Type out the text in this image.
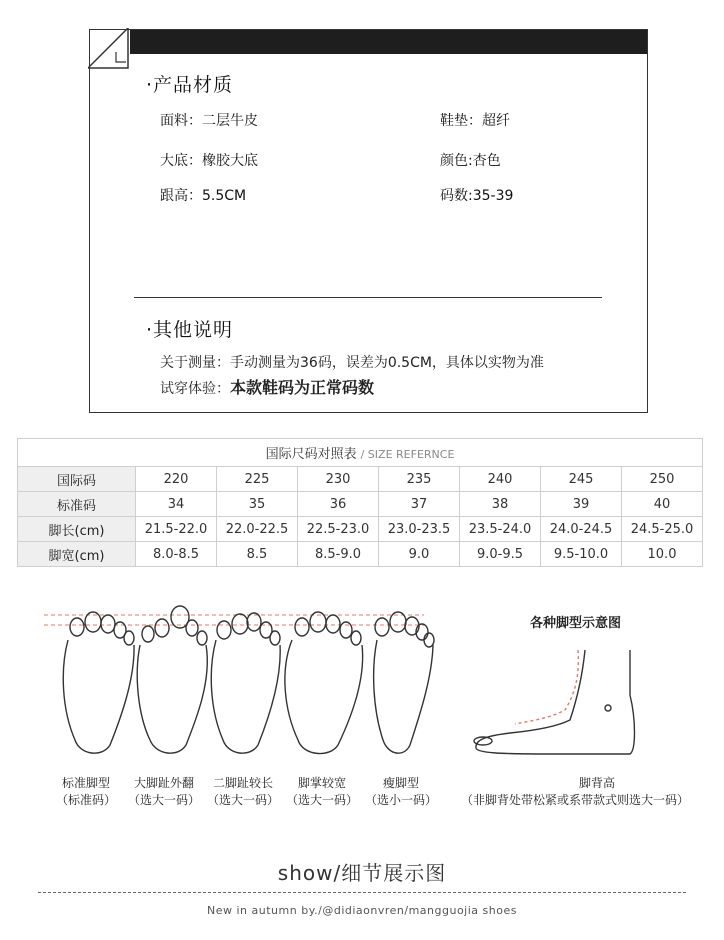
·产品材质
面料：二层牛皮	鞋垫：超纤
大底：橡胶大底	颜色:杏色
跟高：5.5CM	码数:35-39
·其他说明
关于测量：手动测量为36码，误差为0.5CM，具体以实物为准
试穿体验：本款鞋码为正常码数
国际尺码对照表 / SIZE REFERNCE							
国际码	220	225	230	235	240	245	250
标准码	34	35	36	37	38	39	40
脚长(cm)	21.5-22.0	22.0-22.5	22.5-23.0	23.0-23.5	23.5-24.0	24.0-24.5	24.5-25.0
脚宽(cm)	8.0-8.5	8.5	8.5-9.0	9.0	9.0-9.5	9.5-10.0	10.0
标准脚型
（标准码）
大脚趾外翻
（选大一码）
二脚趾较长
（选大一码）
脚掌较宽
（选大一码）
瘦脚型
（选小一码）
各种脚型示意图
脚背高
（非脚背处带松紧或系带款式则选大一码）
show/细节展示图
New in autumn by./@didiaonvren/mangguojia shoes
